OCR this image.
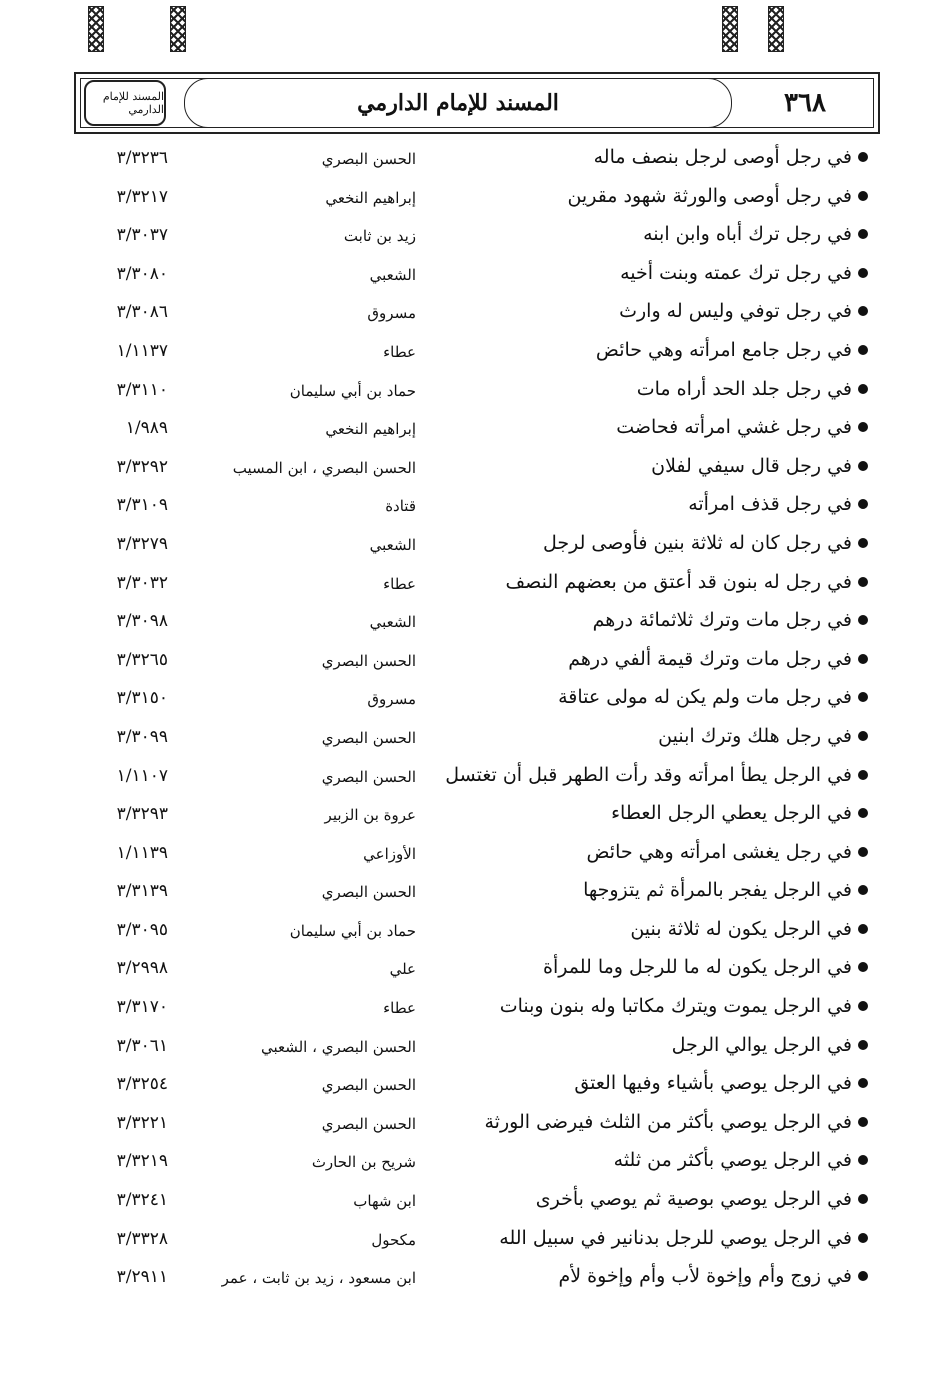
المسند للإمام الدارمي	المسند للإمام الدارمي	٣٦٨
في رجل أوصى لرجل بنصف ماله
الحسن البصري
٣/٣٢٣٦
في رجل أوصى والورثة شهود مقرين
إبراهيم النخعي
٣/٣٢١٧
في رجل ترك أباه وابن ابنه
زيد بن ثابت
٣/٣٠٣٧
في رجل ترك عمته وبنت أخيه
الشعبي
٣/٣٠٨٠
في رجل توفي وليس له وارث
مسروق
٣/٣٠٨٦
في رجل جامع امرأته وهي حائض
عطاء
١/١١٣٧
في رجل جلد الحد أراه مات
حماد بن أبي سليمان
٣/٣١١٠
في رجل غشي امرأته فحاضت
إبراهيم النخعي
١/٩٨٩
في رجل قال سيفي لفلان
الحسن البصري ، ابن المسيب
٣/٣٢٩٢
في رجل قذف امرأته
قتادة
٣/٣١٠٩
في رجل كان له ثلاثة بنين فأوصى لرجل
الشعبي
٣/٣٢٧٩
في رجل له بنون قد أعتق من بعضهم النصف
عطاء
٣/٣٠٣٢
في رجل مات وترك ثلاثمائة درهم
الشعبي
٣/٣٠٩٨
في رجل مات وترك قيمة ألفي درهم
الحسن البصري
٣/٣٢٦٥
في رجل مات ولم يكن له مولى عتاقة
مسروق
٣/٣١٥٠
في رجل هلك وترك ابنين
الحسن البصري
٣/٣٠٩٩
في الرجل يطأ امرأته وقد رأت الطهر قبل أن تغتسل
الحسن البصري
١/١١٠٧
في الرجل يعطي الرجل العطاء
عروة بن الزبير
٣/٣٢٩٣
في رجل يغشى امرأته وهي حائض
الأوزاعي
١/١١٣٩
في الرجل يفجر بالمرأة ثم يتزوجها
الحسن البصري
٣/٣١٣٩
في الرجل يكون له ثلاثة بنين
حماد بن أبي سليمان
٣/٣٠٩٥
في الرجل يكون له ما للرجل وما للمرأة
علي
٣/٢٩٩٨
في الرجل يموت ويترك مكاتبا وله بنون وبنات
عطاء
٣/٣١٧٠
في الرجل يوالي الرجل
الحسن البصري ، الشعبي
٣/٣٠٦١
في الرجل يوصي بأشياء وفيها العتق
الحسن البصري
٣/٣٢٥٤
في الرجل يوصي بأكثر من الثلث فيرضى الورثة
الحسن البصري
٣/٣٢٢١
في الرجل يوصي بأكثر من ثلثه
شريح بن الحارث
٣/٣٢١٩
في الرجل يوصي بوصية ثم يوصي بأخرى
ابن شهاب
٣/٣٢٤١
في الرجل يوصي للرجل بدنانير في سبيل الله
مكحول
٣/٣٣٢٨
في زوج وأم وإخوة لأب وأم وإخوة لأم
ابن مسعود ، زيد بن ثابت ، عمر
٣/٢٩١١
